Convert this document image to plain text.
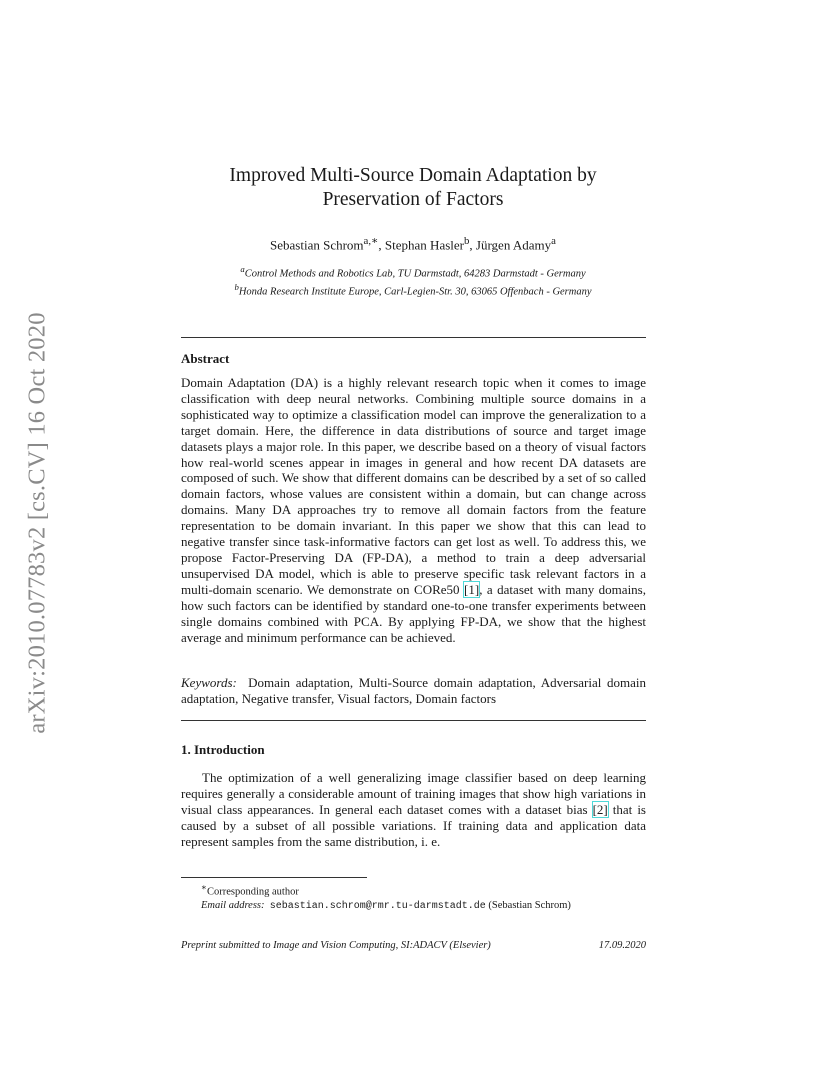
arXiv:2010.07783v2 [cs.CV] 16 Oct 2020
Improved Multi-Source Domain Adaptation by
Preservation of Factors
Sebastian Schrom$^{a,∗}$, Stephan Hasler$^b$, Jürgen Adamy$^a$
$^a$Control Methods and Robotics Lab, TU Darmstadt, 64283 Darmstadt - Germany
$^b$Honda Research Institute Europe, Carl-Legien-Str. 30, 63065 Offenbach - Germany
Abstract

Domain Adaptation (DA) is a highly relevant research topic when it comes to image classification with deep neural networks. Combining multiple source domains in a sophisticated way to optimize a classification model can improve the generalization to a target domain. Here, the difference in data distributions of source and target image datasets plays a major role. In this paper, we describe based on a theory of visual factors how real-world scenes appear in images in general and how recent DA datasets are composed of such. We show that different domains can be described by a set of so called domain factors, whose values are consistent within a domain, but can change across domains. Many DA approaches try to remove all domain factors from the feature representation to be domain invariant. In this paper we show that this can lead to negative transfer since task-informative factors can get lost as well. To address this, we propose Factor-Preserving DA (FP-DA), a method to train a deep adversarial unsupervised DA model, which is able to preserve specific task relevant factors in a multi-domain scenario. We demonstrate on CORe50 [1], a dataset with many domains, how such factors can be identified by standard one-to-one transfer experiments between single domains combined with PCA. By applying FP-DA, we show that the highest average and minimum performance can be achieved.

Keywords: Domain adaptation, Multi-Source domain adaptation, Adversarial domain adaptation, Negative transfer, Visual factors, Domain factors

1. Introduction

The optimization of a well generalizing image classifier based on deep learning requires generally a considerable amount of training images that show high variations in visual class appearances. In general each dataset comes with a dataset bias [2] that is caused by a subset of all possible variations. If training data and application data represent samples from the same distribution, i. e.

∗Corresponding author
Email address: sebastian.schrom@rmr.tu-darmstadt.de (Sebastian Schrom)
Preprint submitted to Image and Vision Computing, SI:ADACV (Elsevier)	17.09.2020
